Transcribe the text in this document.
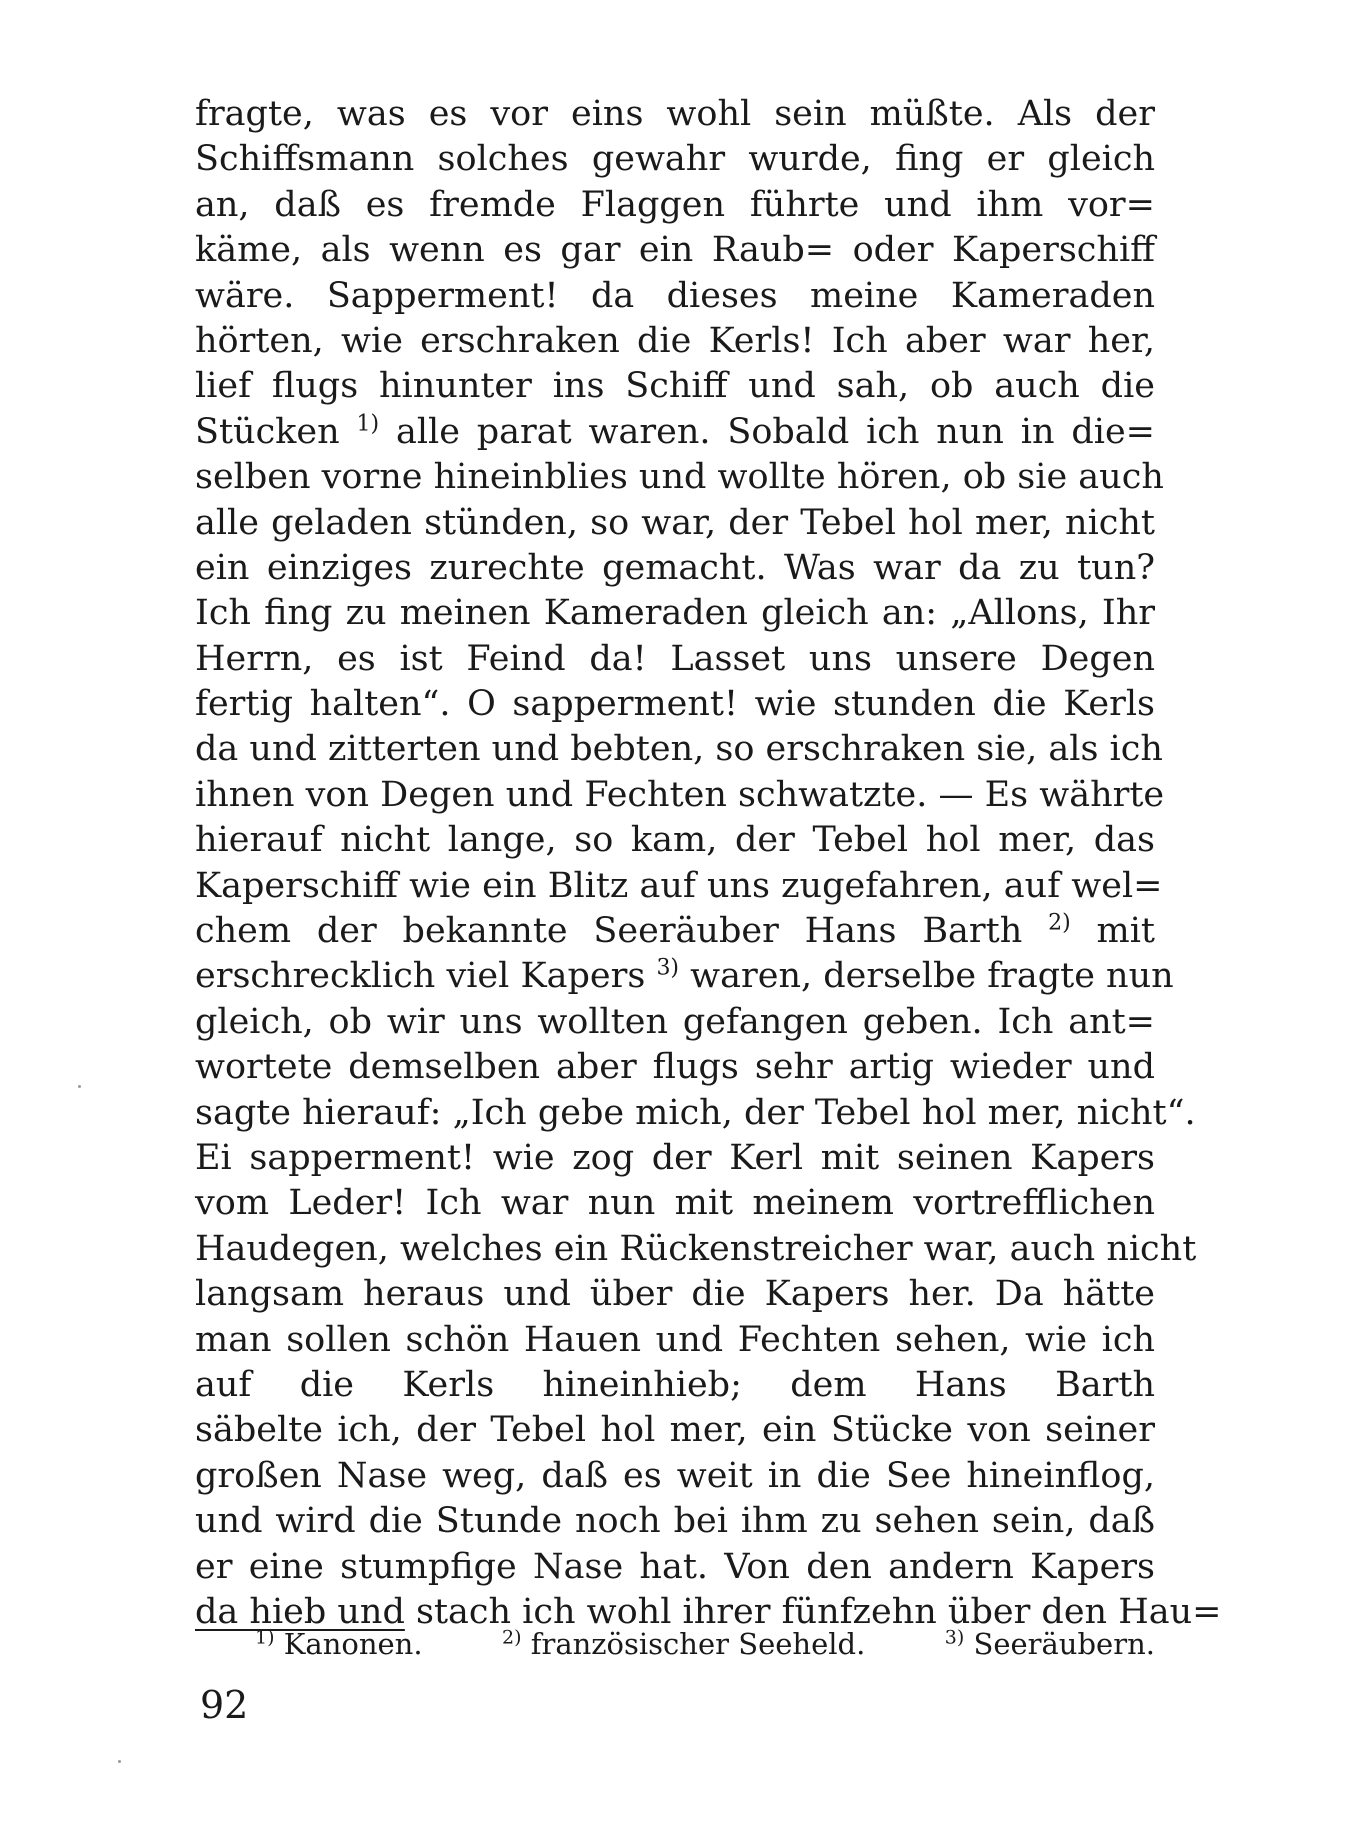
fragte, was es vor eins wohl sein müßte. Als der
Schiffsmann solches gewahr wurde, fing er gleich
an, daß es fremde Flaggen führte und ihm vor=
käme, als wenn es gar ein Raub= oder Kaperschiff
wäre. Sapperment! da dieses meine Kameraden
hörten, wie erschraken die Kerls! Ich aber war her,
lief flugs hinunter ins Schiff und sah, ob auch die
Stücken $^{1)}$ alle parat waren. Sobald ich nun in die=
selben vorne hineinblies und wollte hören, ob sie auch
alle geladen stünden, so war, der Tebel hol mer, nicht
ein einziges zurechte gemacht. Was war da zu tun?
Ich fing zu meinen Kameraden gleich an: „Allons, Ihr
Herrn, es ist Feind da! Lasset uns unsere Degen
fertig halten“. O sapperment! wie stunden die Kerls
da und zitterten und bebten, so erschraken sie, als ich
ihnen von Degen und Fechten schwatzte. — Es währte
hierauf nicht lange, so kam, der Tebel hol mer, das
Kaperschiff wie ein Blitz auf uns zugefahren, auf wel=
chem der bekannte Seeräuber Hans Barth $^{2)}$ mit
erschrecklich viel Kapers $^{3)}$ waren, derselbe fragte nun
gleich, ob wir uns wollten gefangen geben. Ich ant=
wortete demselben aber flugs sehr artig wieder und
sagte hierauf: „Ich gebe mich, der Tebel hol mer, nicht“.
Ei sapperment! wie zog der Kerl mit seinen Kapers
vom Leder! Ich war nun mit meinem vortrefflichen
Haudegen, welches ein Rückenstreicher war, auch nicht
langsam heraus und über die Kapers her. Da hätte
man sollen schön Hauen und Fechten sehen, wie ich
auf die Kerls hineinhieb; dem Hans Barth
säbelte ich, der Tebel hol mer, ein Stücke von seiner
großen Nase weg, daß es weit in die See hineinflog,
und wird die Stunde noch bei ihm zu sehen sein, daß
er eine stumpfige Nase hat. Von den andern Kapers
da hieb und stach ich wohl ihrer fünfzehn über den Hau=
$^{1)}$ Kanonen.	$^{2)}$ französischer Seeheld.	$^{3)}$ Seeräubern.
92
